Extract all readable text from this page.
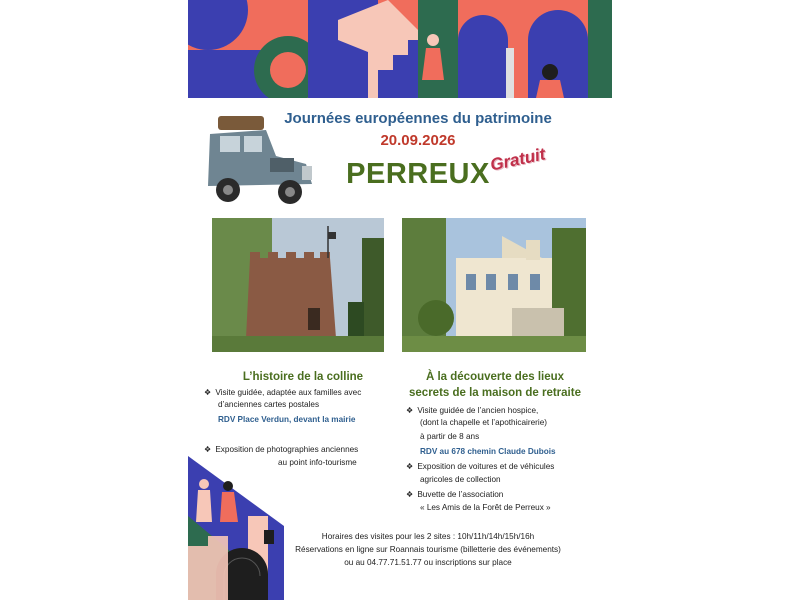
Journées européennes du patrimoine
20.09.2026
PERREUX
Gratuit
L’histoire de la colline
❖ Visite guidée, adaptée aux familles avec
d’anciennes cartes postales
RDV Place Verdun, devant la mairie
❖ Exposition de photographies anciennes
au point info-tourisme
À la découverte des lieux
secrets de la maison de retraite
❖ Visite guidée de l’ancien hospice,
(dont la chapelle et l’apothicairerie)
à partir de 8 ans
RDV au 678 chemin Claude Dubois
❖ Exposition de voitures et de véhicules
agricoles de collection
❖ Buvette de l’association
« Les Amis de la Forêt de Perreux »
Horaires des visites pour les 2 sites : 10h/11h/14h/15h/16h
Réservations en ligne sur Roannais tourisme (billetterie des événements)
ou au 04.77.71.51.77 ou inscriptions sur place
